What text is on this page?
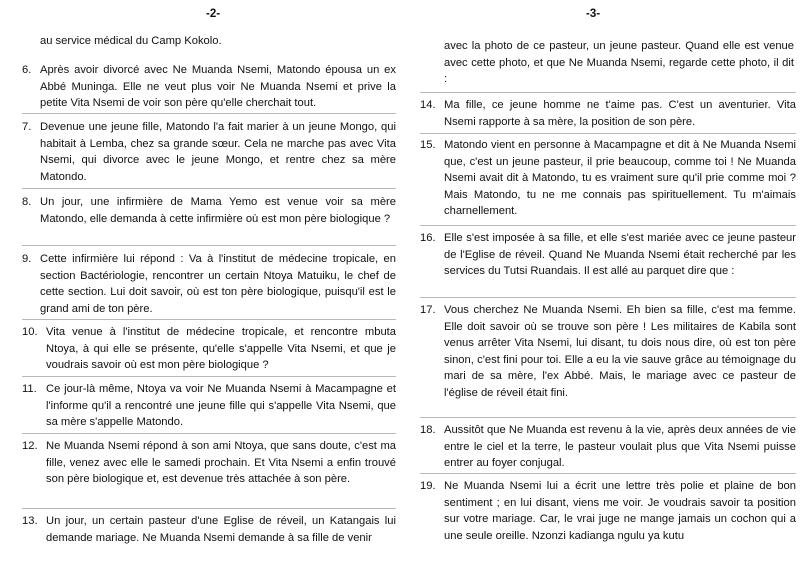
-2-
au service médical du Camp Kokolo.
6. Après avoir divorcé avec Ne Muanda Nsemi, Matondo épousa un ex Abbé Muninga. Elle ne veut plus voir Ne Muanda Nsemi et prive la petite Vita Nsemi de voir son père qu'elle cherchait tout.
7. Devenue une jeune fille, Matondo l'a fait marier à un jeune Mongo, qui habitait à Lemba, chez sa grande sœur. Cela ne marche pas avec Vita Nsemi, qui divorce avec le jeune Mongo, et rentre chez sa mère Matondo.
8. Un jour, une infirmière de Mama Yemo est venue voir sa mère Matondo, elle demanda à cette infirmière où est mon père biologique ?
9. Cette infirmière lui répond : Va à l'institut de médecine tropicale, en section Bactériologie, rencontrer un certain Ntoya Matuiku, le chef de cette section. Lui doit savoir, où est ton père biologique, puisqu'il est le grand ami de ton père.
10. Vita venue à l'institut de médecine tropicale, et rencontre mbuta Ntoya, à qui elle se présente, qu'elle s'appelle Vita Nsemi, et que je voudrais savoir où est mon père biologique ?
11. Ce jour-là même, Ntoya va voir Ne Muanda Nsemi à Macampagne et l'informe qu'il a rencontré une jeune fille qui s'appelle Vita Nsemi, que sa mère s'appelle Matondo.
12. Ne Muanda Nsemi répond à son ami Ntoya, que sans doute, c'est ma fille, venez avec elle le samedi prochain. Et Vita Nsemi a enfin trouvé son père biologique et, est devenue très attachée à son père.
13. Un jour, un certain pasteur d'une Eglise de réveil, un Katangais lui demande mariage. Ne Muanda Nsemi demande à sa fille de venir
-3-
avec la photo de ce pasteur, un jeune pasteur. Quand elle est venue avec cette photo, et que Ne Muanda Nsemi, regarde cette photo, il dit :
14. Ma fille, ce jeune homme ne t'aime pas. C'est un aventurier. Vita Nsemi rapporte à sa mère, la position de son père.
15. Matondo vient en personne à Macampagne et dit à Ne Muanda Nsemi que, c'est un jeune pasteur, il prie beaucoup, comme toi ! Ne Muanda Nsemi avait dit à Matondo, tu es vraiment sure qu'il prie comme moi ? Mais Matondo, tu ne me connais pas spirituellement. Tu m'aimais charnellement.
16. Elle s'est imposée à sa fille, et elle s'est mariée avec ce jeune pasteur de l'Eglise de réveil. Quand Ne Muanda Nsemi était recherché par les services du Tutsi Ruandais. Il est allé au parquet dire que :
17. Vous cherchez Ne Muanda Nsemi. Eh bien sa fille, c'est ma femme. Elle doit savoir où se trouve son père ! Les militaires de Kabila sont venus arrêter Vita Nsemi, lui disant, tu dois nous dire, où est ton père sinon, c'est fini pour toi. Elle a eu la vie sauve grâce au témoignage du mari de sa mère, l'ex Abbé. Mais, le mariage avec ce pasteur de l'église de réveil était fini.
18. Aussitôt que Ne Muanda est revenu à la vie, après deux années de vie entre le ciel et la terre, le pasteur voulait plus que Vita Nsemi puisse entrer au foyer conjugal.
19. Ne Muanda Nsemi lui a écrit une lettre très polie et plaine de bon sentiment ; en lui disant, viens me voir. Je voudrais savoir ta position sur votre mariage. Car, le vrai juge ne mange jamais un cochon qui a une seule oreille. Nzonzi kadianga ngulu ya kutu
